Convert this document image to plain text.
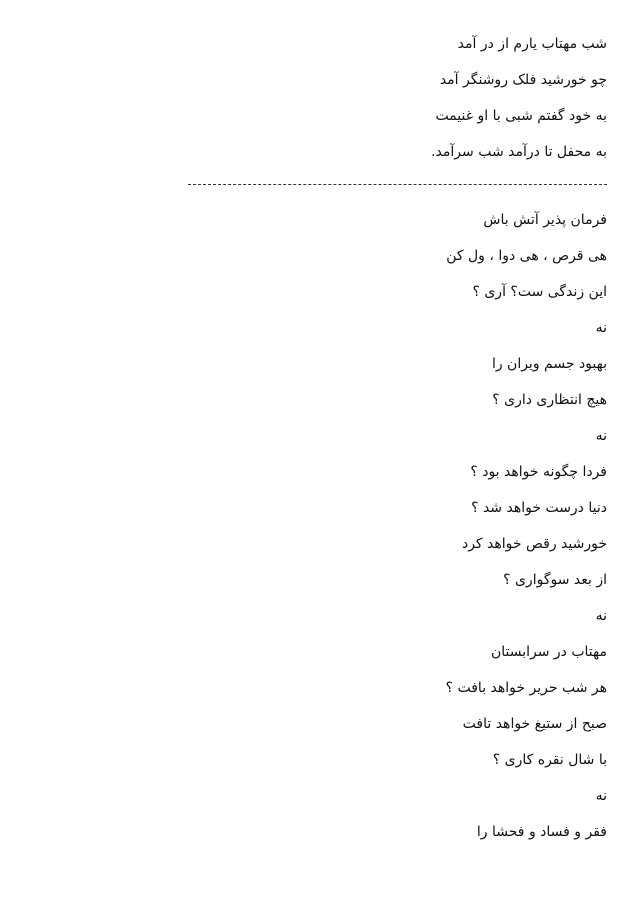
شب مهتاب یارم از در آمد
چو خورشید فلک روشنگر آمد
به خود گفتم شبی با او غنیمت
به محفل تا درآمد شب سرآمد.
فرمان پذیر آتش باش
هی قرص ، هی دوا ، ول کن
این زندگی ست؟ آری ؟
نه
بهبود جسم ویران را
هیچ انتظاری داری ؟
نه
فردا چگونه خواهد بود ؟
دنیا درست خواهد شد ؟
خورشید رقص خواهد کرد
از بعد سوگواری ؟
نه
مهتاب در سرابستان
هر شب حریر خواهد بافت ؟
صبح از ستیغ خواهد تافت
با شال نقره کاری ؟
نه
فقر و فساد و فحشا را
